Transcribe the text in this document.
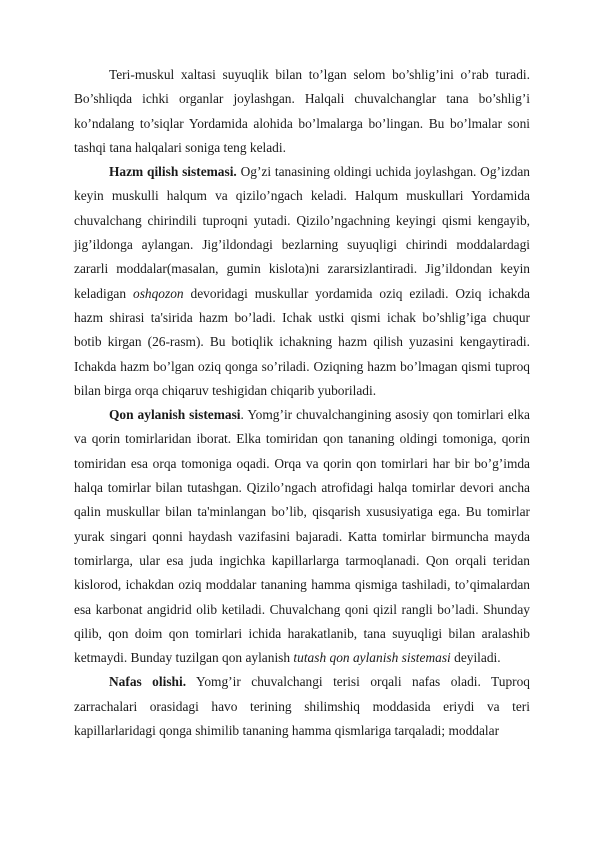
Teri-muskul xaltasi suyuqlik bilan to’lgan selom bo’shlig’ini o’rab turadi. Bo’shliqda ichki organlar joylashgan. Halqali chuvalchanglar tana bo’shlig’i ko’ndalang to’siqlar Yordamida alohida bo’lmalarga bo’lingan. Bu bo’lmalar soni tashqi tana halqalari soniga teng keladi.

Hazm qilish sistemasi. Og’zi tanasining oldingi uchida joylashgan. Og’izdan keyin muskulli halqum va qizilo’ngach keladi. Halqum muskullari Yordamida chuvalchang chirindili tuproqni yutadi. Qizilo’ngachning keyingi qismi kengayib, jig’ildonga aylangan. Jig’ildondagi bezlarning suyuqligi chirindi moddalardagi zararli moddalar(masalan, gumin kislota)ni zararsizlantiradi. Jig’ildondan keyin keladigan oshqozon devoridagi muskullar yordamida oziq eziladi. Oziq ichakda hazm shirasi ta'sirida hazm bo’ladi. Ichak ustki qismi ichak bo’shlig’iga chuqur botib kirgan (26-rasm). Bu botiqlik ichakning hazm qilish yuzasini kengaytiradi. Ichakda hazm bo’lgan oziq qonga so’riladi. Oziqning hazm bo’lmagan qismi tuproq bilan birga orqa chiqaruv teshigidan chiqarib yuboriladi.

Qon aylanish sistemasi. Yomg’ir chuvalchangining asosiy qon tomirlari elka va qorin tomirlaridan iborat. Elka tomiridan qon tananing oldingi tomoniga, qorin tomiridan esa orqa tomoniga oqadi. Orqa va qorin qon tomirlari har bir bo’g’imda halqa tomirlar bilan tutashgan. Qizilo’ngach atrofidagi halqa tomirlar devori ancha qalin muskullar bilan ta'minlangan bo’lib, qisqarish xususiyatiga ega. Bu tomirlar yurak singari qonni haydash vazifasini bajaradi. Katta tomirlar birmuncha mayda tomirlarga, ular esa juda ingichka kapillarlarga tarmoqlanadi. Qon orqali teridan kislorod, ichakdan oziq moddalar tananing hamma qismiga tashiladi, to’qimalardan esa karbonat angidrid olib ketiladi. Chuvalchang qoni qizil rangli bo’ladi. Shunday qilib, qon doim qon tomirlari ichida harakatlanib, tana suyuqligi bilan aralashib ketmaydi. Bunday tuzilgan qon aylanish tutash qon aylanish sistemasi deyiladi.

Nafas olishi. Yomg’ir chuvalchangi terisi orqali nafas oladi. Tuproq zarrachalari orasidagi havo terining shilimshiq moddasida eriydi va teri kapillarlaridagi qonga shimilib tananing hamma qismlariga tarqaladi; moddalar
